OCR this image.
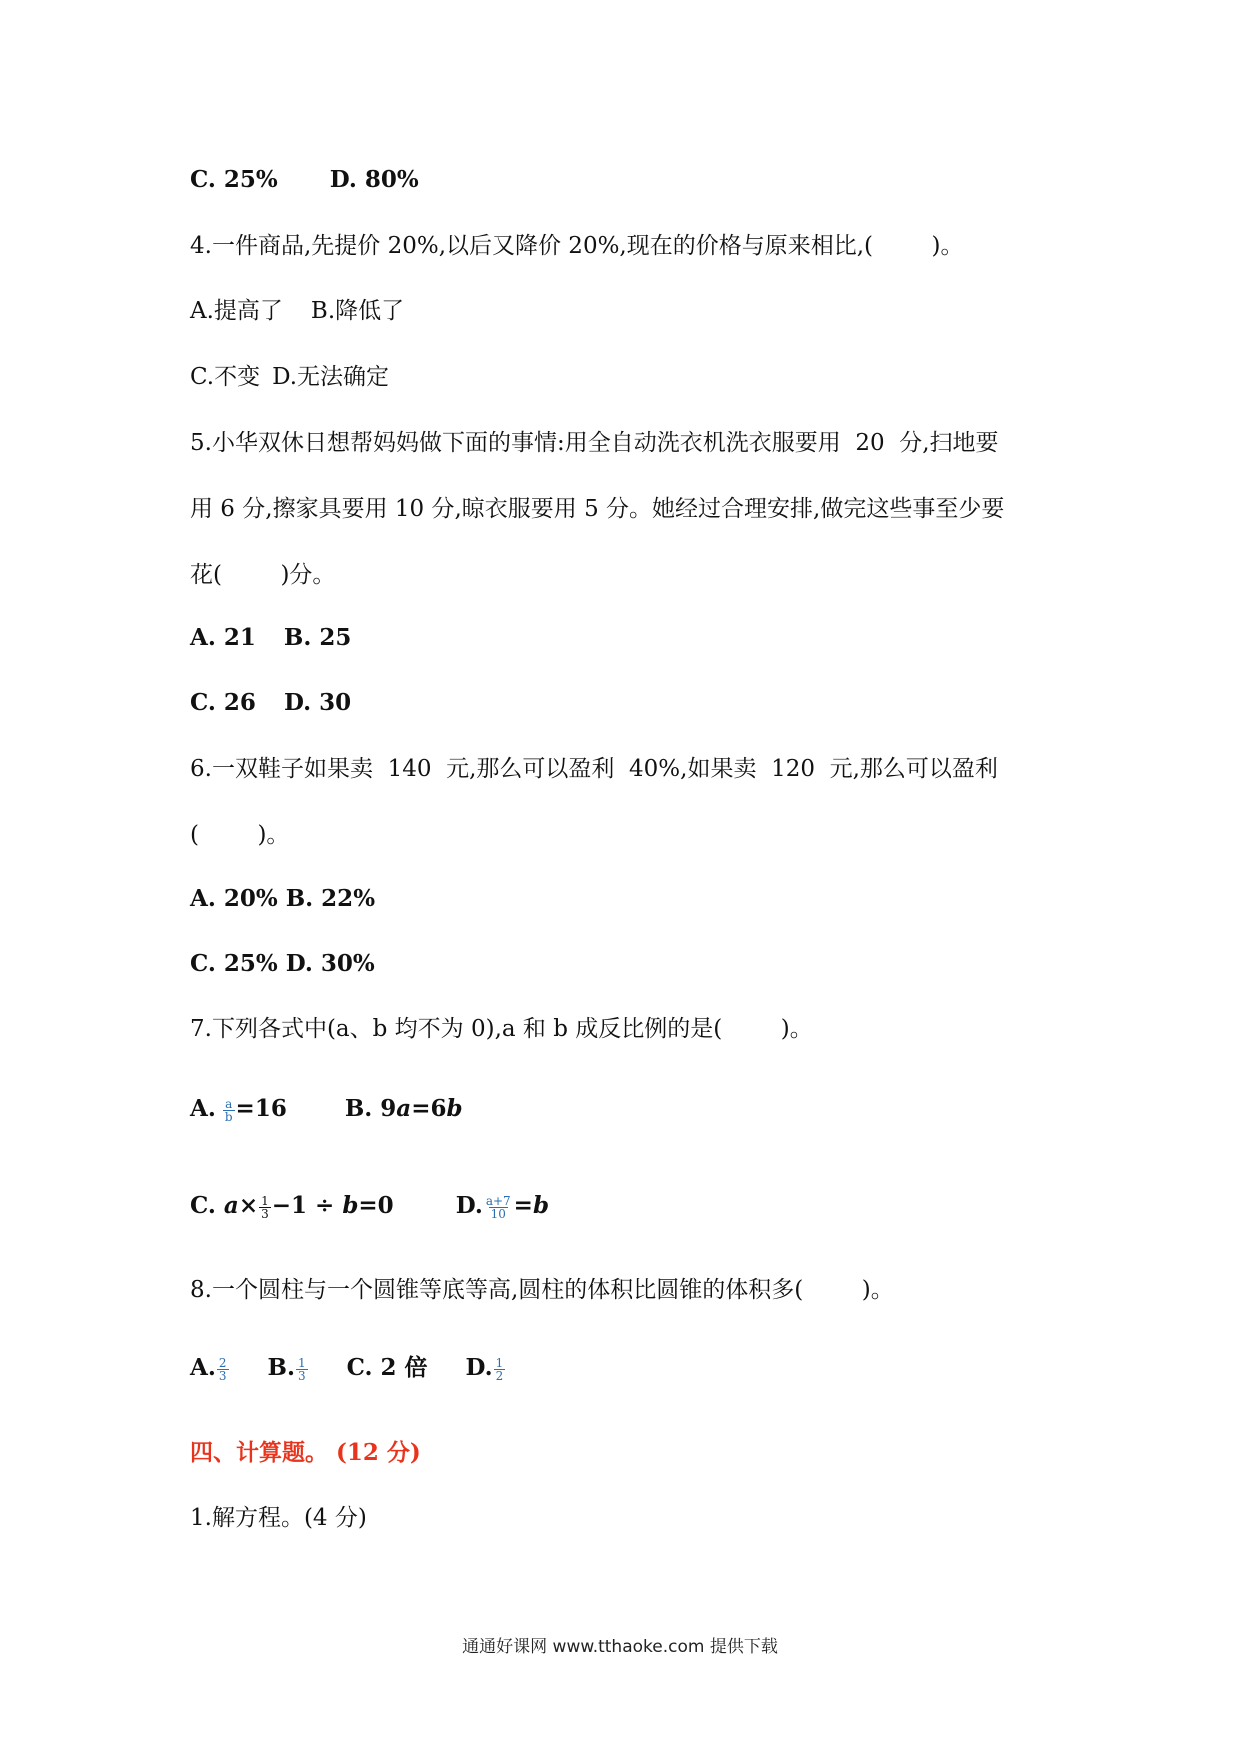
C. 25% D. 80%
4.一件商品,先提价 20%,以后又降价 20%,现在的价格与原来相比,(        )。
A.提高了 B.降低了
C.不变 D.无法确定
5.小华双休日想帮妈妈做下面的事情:用全自动洗衣机洗衣服要用  20  分,扫地要
用 6 分,擦家具要用 10 分,晾衣服要用 5 分。她经过合理安排,做完这些事至少要
花(        )分。
A. 21 B. 25
C. 26 D. 30
6.一双鞋子如果卖  140  元,那么可以盈利  40%,如果卖  120  元,那么可以盈利
(        )。
A. 20% B. 22%
C. 25% D. 30%
7.下列各式中(a、b 均不为 0),a 和 b 成反比例的是(        )。
A. $\frac{a}{b} =16$	B. 9a=6b
C. $a\times \frac{1}{3} -1 \div b=0$	D. $\frac{a+7}{10} =b$
8.一个圆柱与一个圆锥等底等高,圆柱的体积比圆锥的体积多(        )。
A. $\frac{2}{3} B$. $\frac{1}{3} C$. 2 倍 D. $\frac{1}{2}$
四、计算题。 (12 分)
1.解方程。(4 分)
通通好课网 www.tthaoke.com 提供下载
